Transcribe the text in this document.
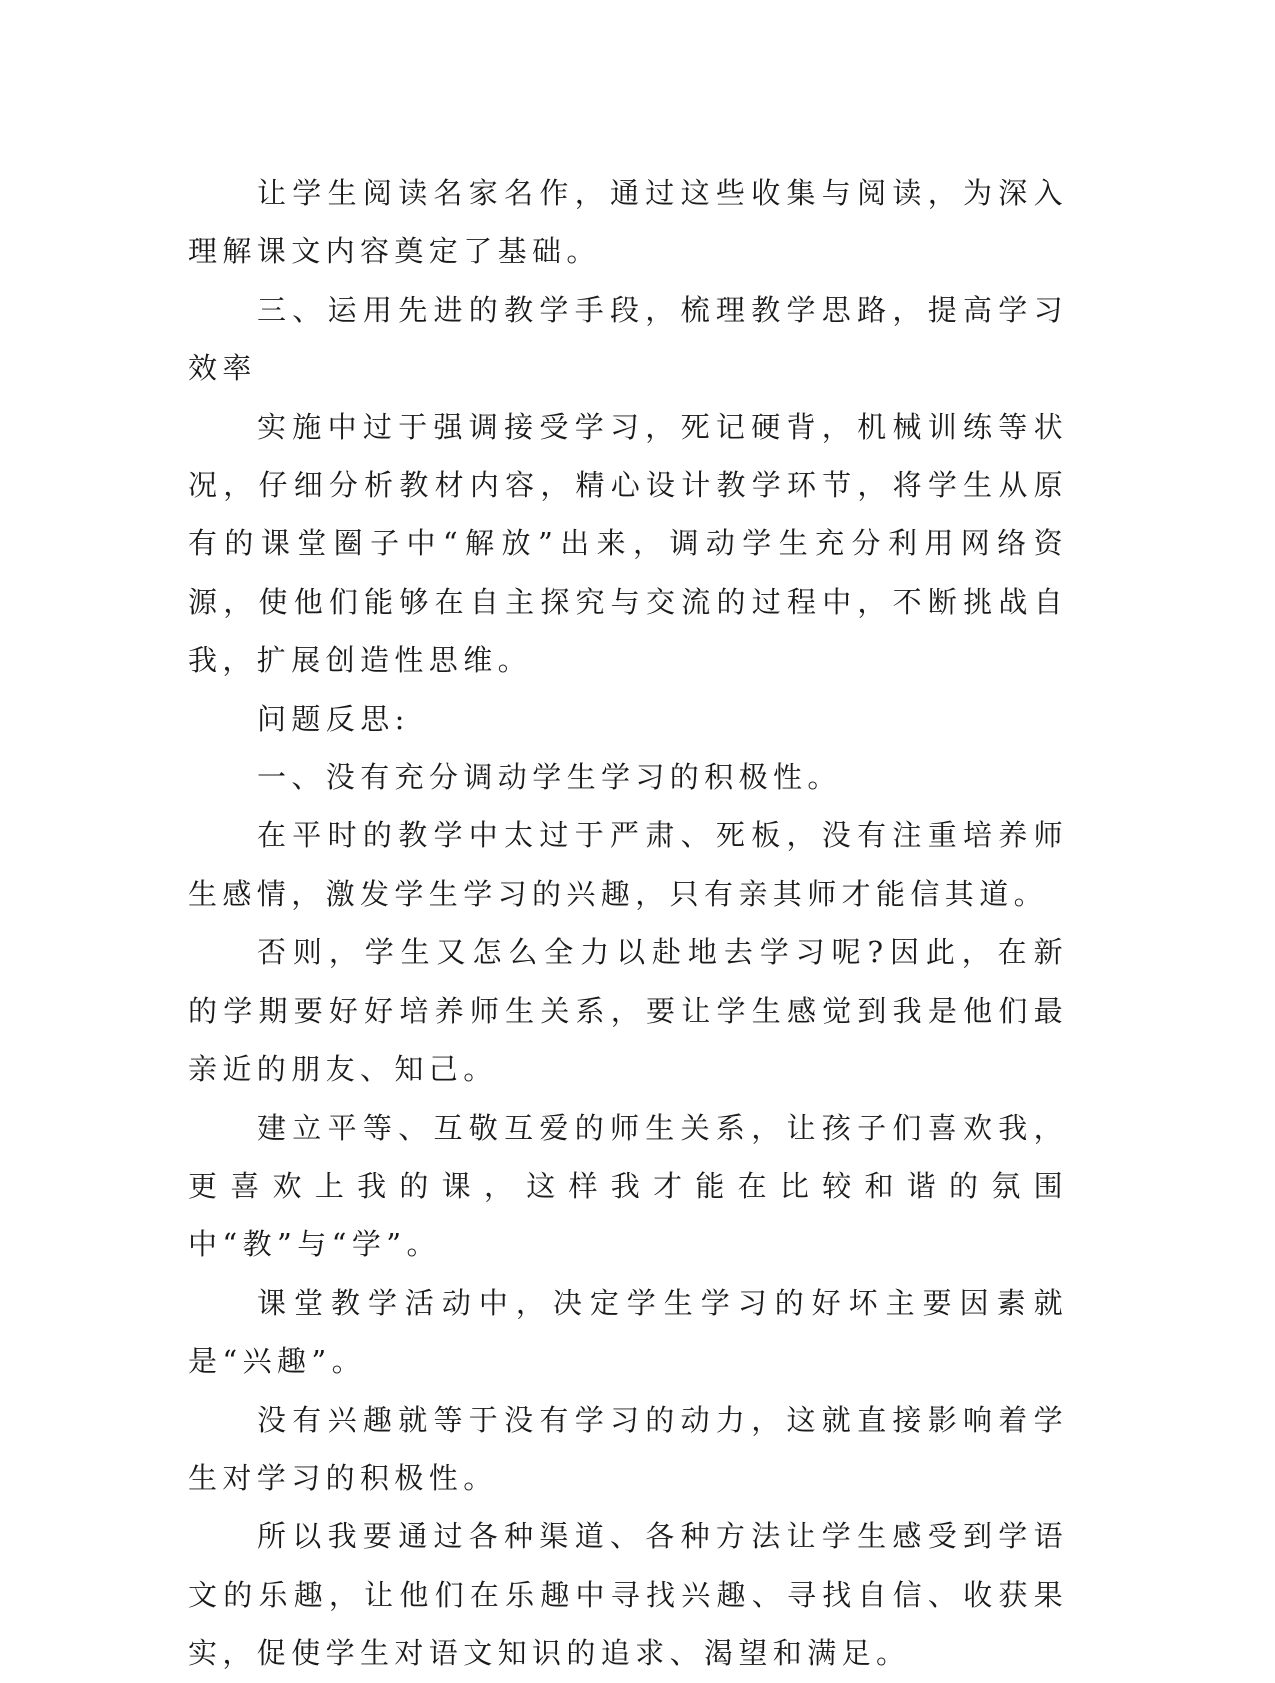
让学生阅读名家名作，通过这些收集与阅读，为深入理解课文内容奠定了基础。

三、运用先进的教学手段，梳理教学思路，提高学习效率

实施中过于强调接受学习，死记硬背，机械训练等状况，仔细分析教材内容，精心设计教学环节，将学生从原有的课堂圈子中“解放”出来，调动学生充分利用网络资源，使他们能够在自主探究与交流的过程中，不断挑战自我，扩展创造性思维。

问题反思:

一、没有充分调动学生学习的积极性。

在平时的教学中太过于严肃、死板，没有注重培养师生感情，激发学生学习的兴趣，只有亲其师才能信其道。

否则，学生又怎么全力以赴地去学习呢?因此，在新的学期要好好培养师生关系，要让学生感觉到我是他们最亲近的朋友、知己。

建立平等、互敬互爱的师生关系，让孩子们喜欢我，更喜欢上我的课，这样我才能在比较和谐的氛围中“教”与“学”。

课堂教学活动中，决定学生学习的好坏主要因素就是“兴趣”。

没有兴趣就等于没有学习的动力，这就直接影响着学生对学习的积极性。

所以我要通过各种渠道、各种方法让学生感受到学语文的乐趣，让他们在乐趣中寻找兴趣、寻找自信、收获果实，促使学生对语文知识的追求、渴望和满足。
